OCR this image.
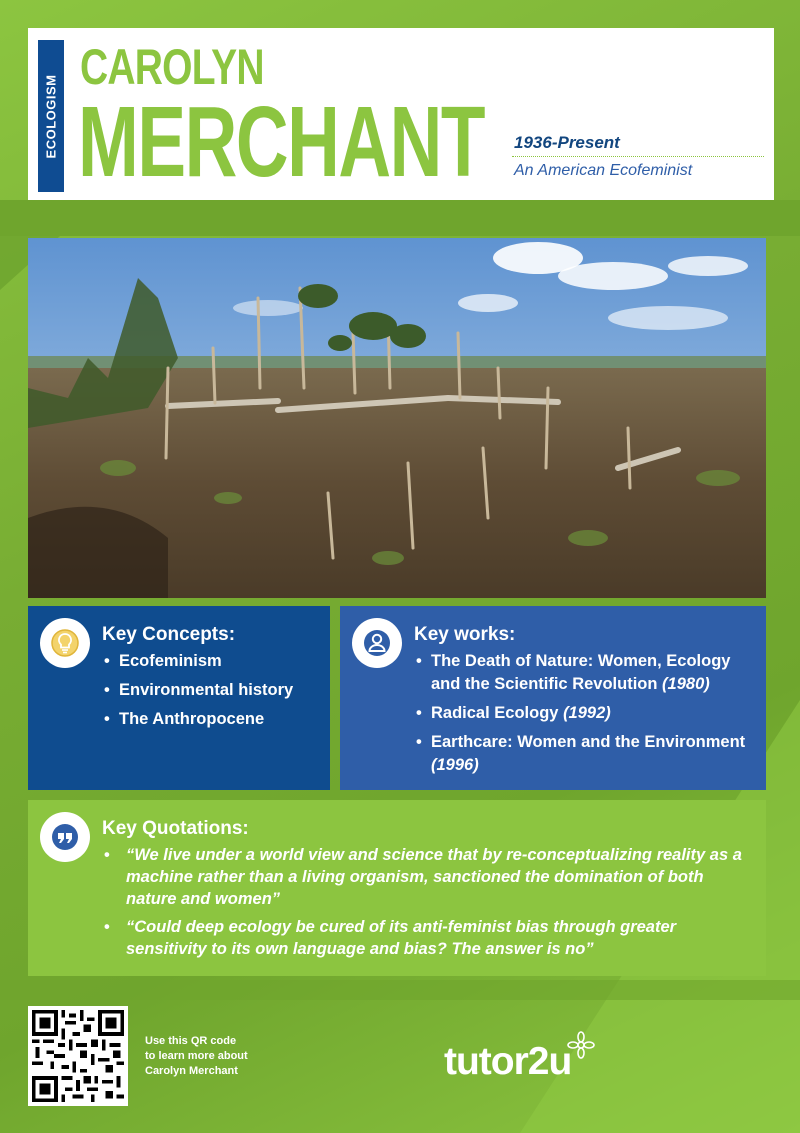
ECOLOGISM
CAROLYN
MERCHANT 1936-Present
An American Ecofeminist
Key Concepts:
• Ecofeminism
• Environmental history
• The Anthropocene
Key works:
• The Death of Nature: Women, Ecology and the Scientific Revolution (1980)
• Radical Ecology (1992)
• Earthcare: Women and the Environment (1996)
Key Quotations:
• “We live under a world view and science that by re-conceptualizing reality as a machine rather than a living organism, sanctioned the domination of both nature and women”
• “Could deep ecology be cured of its anti-feminist bias through greater sensitivity to its own language and bias? The answer is no”
Use this QR code
to learn more about
Carolyn Merchant	tutor2u
